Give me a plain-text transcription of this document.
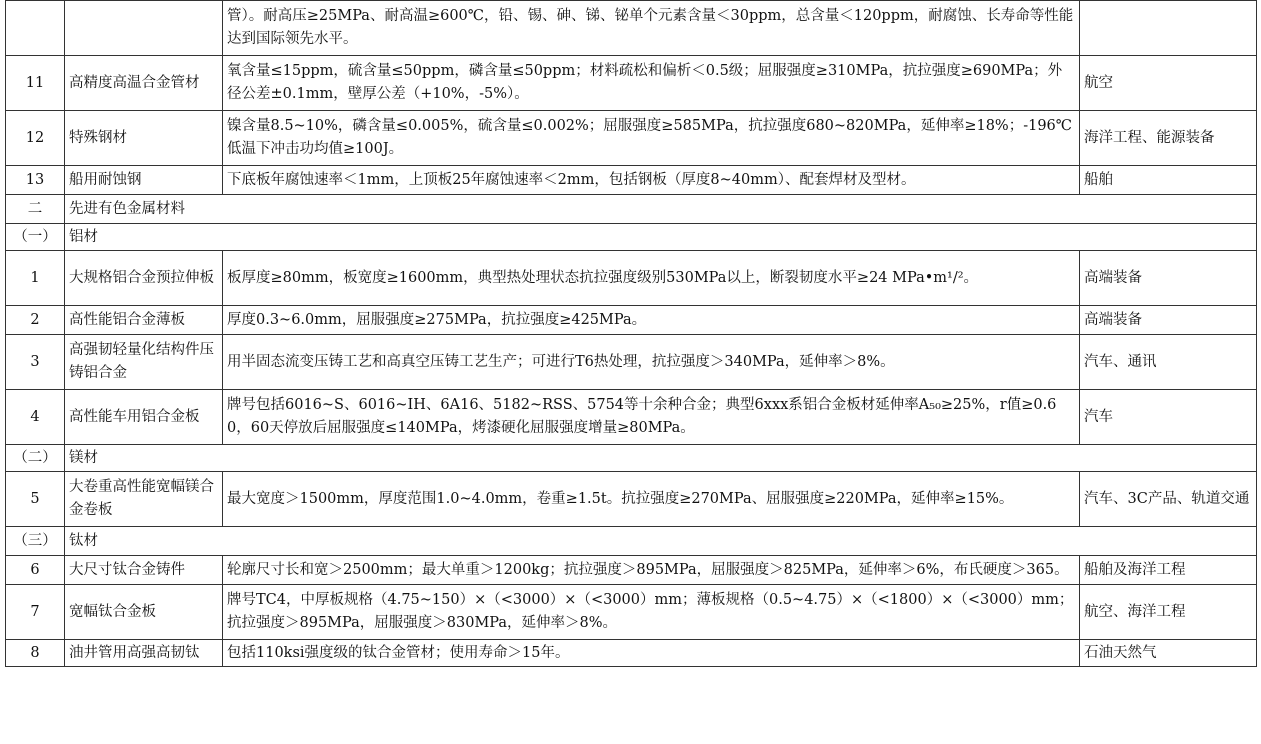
		管）。耐高压≥25MPa、耐高温≥600℃，铅、锡、砷、锑、铋单个元素含量＜30ppm，总含量＜120ppm，耐腐蚀、长寿命等性能达到国际领先水平。	
11	高精度高温合金管材	氧含量≤15ppm，硫含量≤50ppm，磷含量≤50ppm；材料疏松和偏析＜0.5级；屈服强度≥310MPa，抗拉强度≥690MPa；外径公差±0.1mm，壁厚公差（+10%，-5%）。	航空
12	特殊钢材	镍含量8.5~10%，磷含量≤0.005%，硫含量≤0.002%；屈服强度≥585MPa，抗拉强度680~820MPa，延伸率≥18%；-196℃低温下冲击功均值≥100J。	海洋工程、能源装备
13	船用耐蚀钢	下底板年腐蚀速率＜1mm，上顶板25年腐蚀速率＜2mm，包括钢板（厚度8~40mm）、配套焊材及型材。	船舶
二	先进有色金属材料		
（一）	铝材		
1	大规格铝合金预拉伸板	板厚度≥80mm，板宽度≥1600mm，典型热处理状态抗拉强度级别530MPa以上，断裂韧度水平≥24 MPa•m¹/²。	高端装备
2	高性能铝合金薄板	厚度0.3~6.0mm，屈服强度≥275MPa，抗拉强度≥425MPa。	高端装备
3	高强韧轻量化结构件压铸铝合金	用半固态流变压铸工艺和高真空压铸工艺生产；可进行T6热处理，抗拉强度＞340MPa，延伸率＞8%。	汽车、通讯
4	高性能车用铝合金板	牌号包括6016~S、6016~IH、6A16、5182~RSS、5754等十余种合金；典型6xxx系铝合金板材延伸率A₅₀≥25%，r值≥0.60，60天停放后屈服强度≤140MPa，烤漆硬化屈服强度增量≥80MPa。	汽车
（二）	镁材		
5	大卷重高性能宽幅镁合金卷板	最大宽度＞1500mm，厚度范围1.0~4.0mm，卷重≥1.5t。抗拉强度≥270MPa、屈服强度≥220MPa，延伸率≥15%。	汽车、3C产品、轨道交通
（三）	钛材		
6	大尺寸钛合金铸件	轮廓尺寸长和宽＞2500mm；最大单重＞1200kg；抗拉强度＞895MPa，屈服强度＞825MPa，延伸率＞6%，布氏硬度＞365。	船舶及海洋工程
7	宽幅钛合金板	牌号TC4，中厚板规格（4.75~150）×（<3000）×（<3000）mm；薄板规格（0.5~4.75）×（<1800）×（<3000）mm；抗拉强度＞895MPa，屈服强度＞830MPa，延伸率＞8%。	航空、海洋工程
8	油井管用高强高韧钛	包括110ksi强度级的钛合金管材；使用寿命＞15年。	石油天然气
